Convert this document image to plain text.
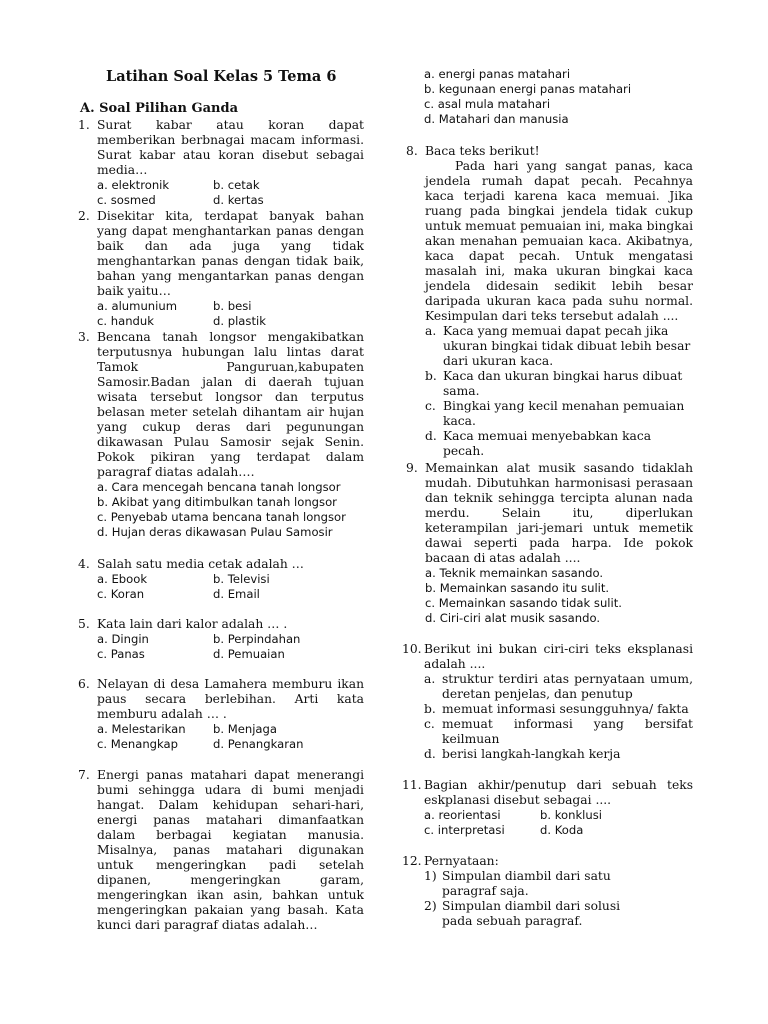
Latihan Soal Kelas 5 Tema 6
A. Soal Pilihan Ganda
1. Surat kabar atau koran dapat memberikan berbnagai macam informasi. Surat kabar atau koran disebut sebagai media…
a. elektronik	b. cetak
c. sosmed	d. kertas
2. Disekitar kita, terdapat banyak bahan yang dapat menghantarkan panas dengan baik dan ada juga yang tidak menghantarkan panas dengan tidak baik, bahan yang mengantarkan panas dengan baik yaitu…
a. alumunium	b. besi
c. handuk	d. plastik
3. Bencana tanah longsor mengakibatkan terputusnya hubungan lalu lintas darat Tamok Panguruan,kabupaten Samosir.Badan jalan di daerah tujuan wisata tersebut longsor dan terputus belasan meter setelah dihantam air hujan yang cukup deras dari pegunungan dikawasan Pulau Samosir sejak Senin. Pokok pikiran yang terdapat dalam paragraf diatas adalah….
a. Cara mencegah bencana tanah longsor
b. Akibat yang ditimbulkan tanah longsor
c. Penyebab utama bencana tanah longsor
d. Hujan deras dikawasan Pulau Samosir
4. Salah satu media cetak adalah …
a. Ebook	b. Televisi
c. Koran	d. Email
5. Kata lain dari kalor adalah … .
a. Dingin	b. Perpindahan
c. Panas	d. Pemuaian
6. Nelayan di desa Lamahera memburu ikan paus secara berlebihan. Arti kata memburu adalah … .
a. Melestarikan	b. Menjaga
c. Menangkap	d. Penangkaran
7. Energi panas matahari dapat menerangi bumi sehingga udara di bumi menjadi hangat. Dalam kehidupan sehari-hari, energi panas matahari dimanfaatkan dalam berbagai kegiatan manusia. Misalnya, panas matahari digunakan untuk mengeringkan padi setelah dipanen, mengeringkan garam, mengeringkan ikan asin, bahkan untuk mengeringkan pakaian yang basah. Kata kunci dari paragraf diatas adalah…
a. energi panas matahari
b. kegunaan energi panas matahari
c. asal mula matahari
d. Matahari dan manusia
8. Baca teks berikut!
Pada hari yang sangat panas, kaca jendela rumah dapat pecah. Pecahnya kaca terjadi karena kaca memuai. Jika ruang pada bingkai jendela tidak cukup untuk memuat pemuaian ini, maka bingkai akan menahan pemuaian kaca. Akibatnya, kaca dapat pecah. Untuk mengatasi masalah ini, maka ukuran bingkai kaca jendela didesain sedikit lebih besar daripada ukuran kaca pada suhu normal. Kesimpulan dari teks tersebut adalah ....
a. Kaca yang memuai dapat pecah jika ukuran bingkai tidak dibuat lebih besar dari ukuran kaca.
b. Kaca dan ukuran bingkai harus dibuat sama.
c. Bingkai yang kecil menahan pemuaian kaca.
d. Kaca memuai menyebabkan kaca pecah.
9. Memainkan alat musik sasando tidaklah mudah. Dibutuhkan harmonisasi perasaan dan teknik sehingga tercipta alunan nada merdu. Selain itu, diperlukan keterampilan jari-jemari untuk memetik dawai seperti pada harpa. Ide pokok bacaan di atas adalah ....
a. Teknik memainkan sasando.
b. Memainkan sasando itu sulit.
c. Memainkan sasando tidak sulit.
d. Ciri-ciri alat musik sasando.
10. Berikut ini bukan ciri-ciri teks eksplanasi adalah ....
a. struktur terdiri atas pernyataan umum, deretan penjelas, dan penutup
b. memuat informasi sesungguhnya/ fakta
c. memuat informasi yang bersifat keilmuan
d. berisi langkah-langkah kerja
11. Bagian akhir/penutup dari sebuah teks eskplanasi disebut sebagai ....
a. reorientasi	b. konklusi
c. interpretasi	d. Koda
12. Pernyataan:
1) Simpulan diambil dari satu paragraf saja.
2) Simpulan diambil dari solusi pada sebuah paragraf.
